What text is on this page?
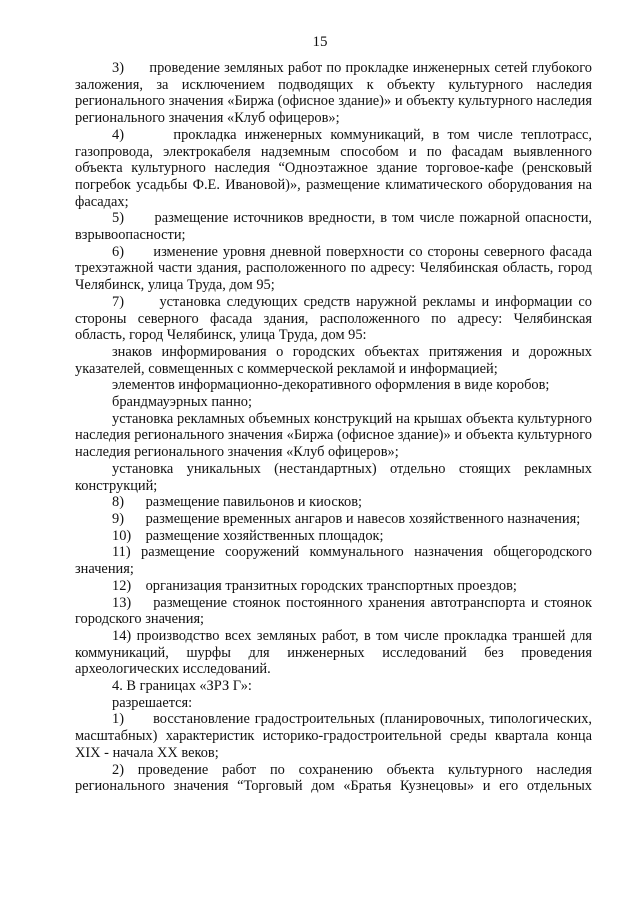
15

3)      проведение земляных работ по прокладке инженерных сетей глубокого заложения, за исключением подводящих к объекту культурного наследия регионального значения «Биржа (офисное здание)» и объекту культурного наследия регионального значения «Клуб офицеров»;

4)      прокладка инженерных коммуникаций, в том числе теплотрасс, газопровода, электрокабеля надземным способом и по фасадам выявленного объекта культурного наследия “Одноэтажное здание торговое-кафе (ренсковый погребок усадьбы Ф.Е. Ивановой)», размещение климатического оборудования на фасадах;

5)      размещение источников вредности, в том числе пожарной опасности, взрывоопасности;

6)      изменение уровня дневной поверхности со стороны северного фасада трехэтажной части здания, расположенного по адресу: Челябинская область, город Челябинск, улица Труда, дом 95;

7)      установка следующих средств наружной рекламы и информации со стороны северного фасада здания, расположенного по адресу: Челябинская область, город Челябинск, улица Труда, дом 95:

знаков информирования о городских объектах притяжения и дорожных указателей, совмещенных с коммерческой рекламой и информацией;

элементов информационно-декоративного оформления в виде коробов;

брандмауэрных панно;

установка рекламных объемных конструкций на крышах объекта культурного наследия регионального значения «Биржа (офисное здание)» и объекта культурного наследия регионального значения «Клуб офицеров»;

установка уникальных (нестандартных) отдельно стоящих рекламных конструкций;

8)      размещение павильонов и киосков;

9)      размещение временных ангаров и навесов хозяйственного назначения;

10)    размещение хозяйственных площадок;

11) размещение сооружений коммунального назначения общегородского значения;

12)    организация транзитных городских транспортных проездов;

13)    размещение стоянок постоянного хранения автотранспорта и стоянок городского значения;

14) производство всех земляных работ, в том числе прокладка траншей для коммуникаций, шурфы для инженерных исследований без проведения археологических исследований.

4. В границах «ЗРЗ Г»:

разрешается:

1)      восстановление градостроительных (планировочных, типологических, масштабных) характеристик историко-градостроительной среды квартала конца XIX - начала XX веков;

2) проведение работ по сохранению объекта культурного наследия регионального значения “Торговый дом «Братья Кузнецовы» и его отдельных
